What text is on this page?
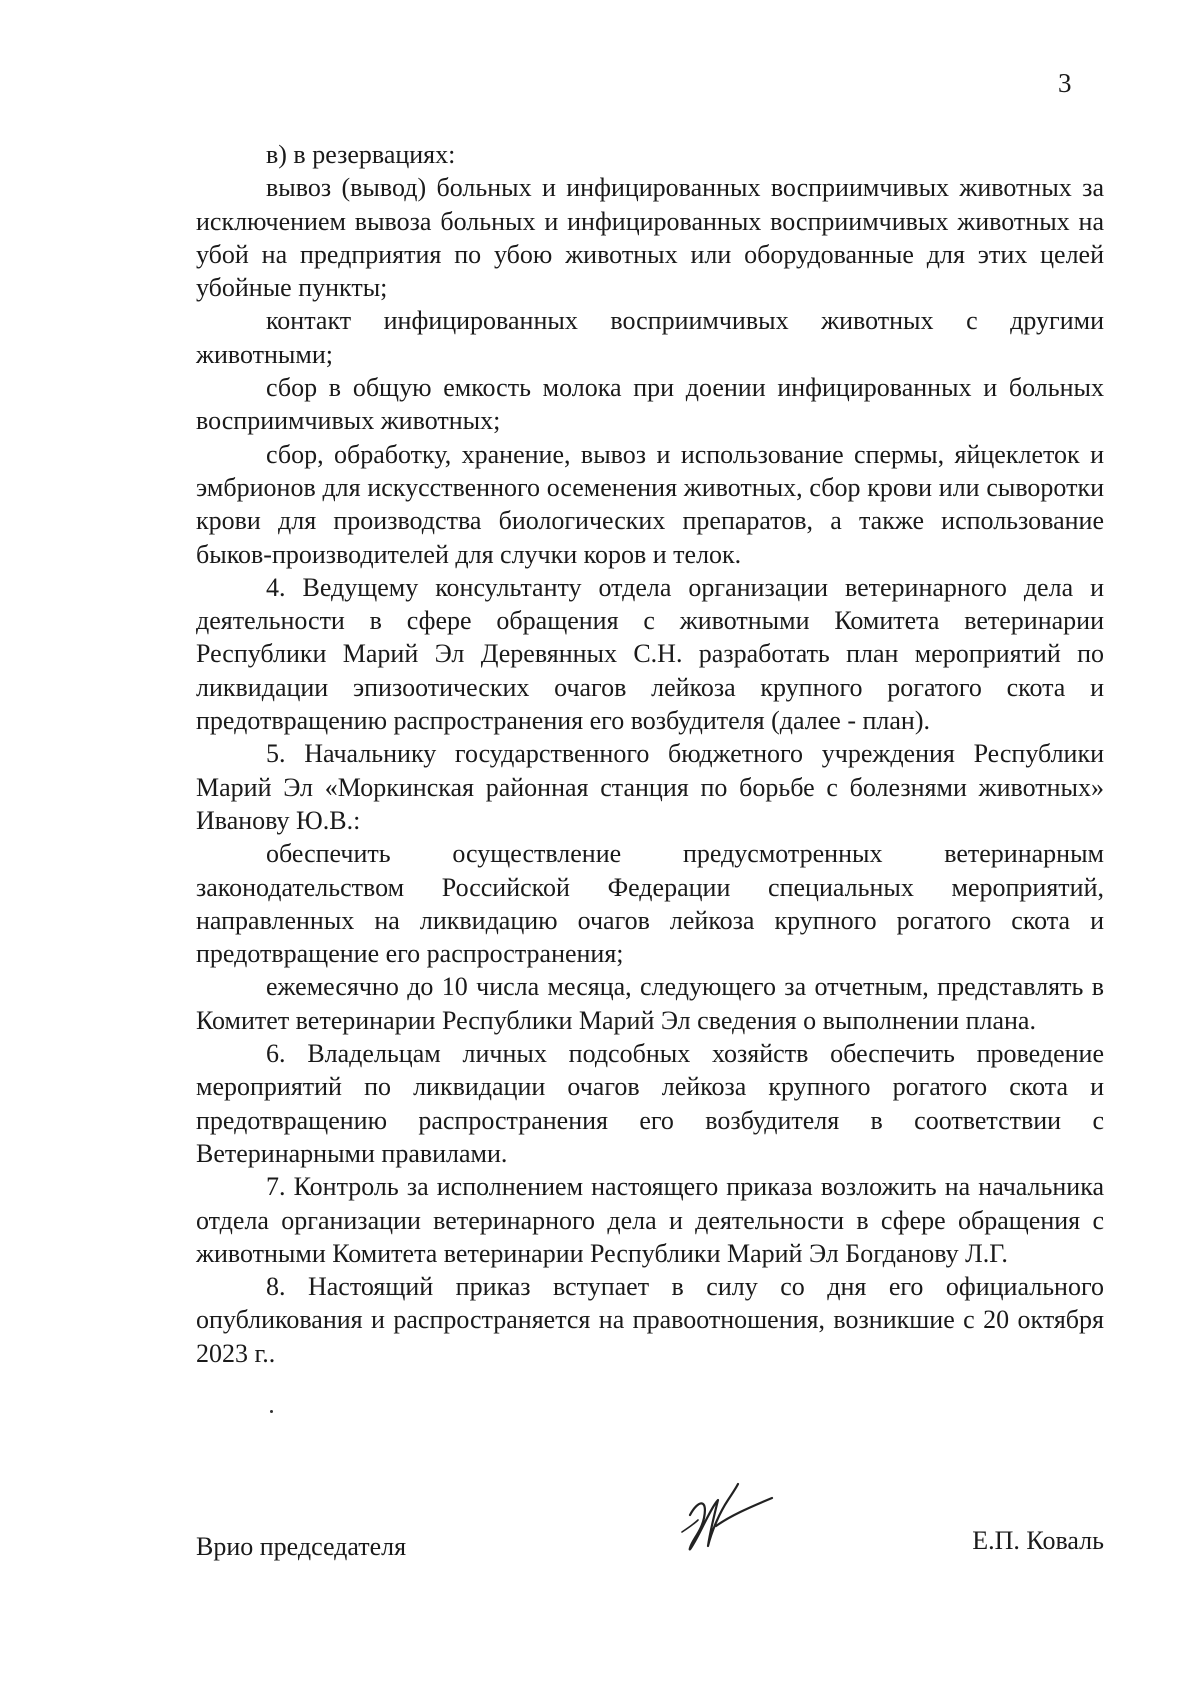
3

в) в резервациях:

вывоз (вывод) больных и инфицированных восприимчивых животных за исключением вывоза больных и инфицированных восприимчивых животных на убой на предприятия по убою животных или оборудованные для этих целей убойные пункты;

контакт инфицированных восприимчивых животных с другими животными;

сбор в общую емкость молока при доении инфицированных и больных восприимчивых животных;

сбор, обработку, хранение, вывоз и использование спермы, яйцеклеток и эмбрионов для искусственного осеменения животных, сбор крови или сыворотки крови для производства биологических препаратов, а также использование быков-производителей для случки коров и телок.

4. Ведущему консультанту отдела организации ветеринарного дела и деятельности в сфере обращения с животными Комитета ветеринарии Республики Марий Эл Деревянных С.Н. разработать план мероприятий по ликвидации эпизоотических очагов лейкоза крупного рогатого скота и предотвращению распространения его возбудителя (далее - план).

5. Начальнику государственного бюджетного учреждения Республики Марий Эл «Моркинская районная станция по борьбе с болезнями животных» Иванову Ю.В.:

обеспечить осуществление предусмотренных ветеринарным законодательством Российской Федерации специальных мероприятий, направленных на ликвидацию очагов лейкоза крупного рогатого скота и предотвращение его распространения;

ежемесячно до 10 числа месяца, следующего за отчетным, представлять в Комитет ветеринарии Республики Марий Эл сведения о выполнении плана.

6. Владельцам личных подсобных хозяйств обеспечить проведение мероприятий по ликвидации очагов лейкоза крупного рогатого скота и предотвращению распространения его возбудителя в соответствии с Ветеринарными правилами.

7. Контроль за исполнением настоящего приказа возложить на начальника отдела организации ветеринарного дела и деятельности в сфере обращения с животными Комитета ветеринарии Республики Марий Эл Богданову Л.Г.

8. Настоящий приказ вступает в силу со дня его официального опубликования и распространяется на правоотношения, возникшие с 20 октября 2023 г..

Врио председателя	Е.П. Коваль
